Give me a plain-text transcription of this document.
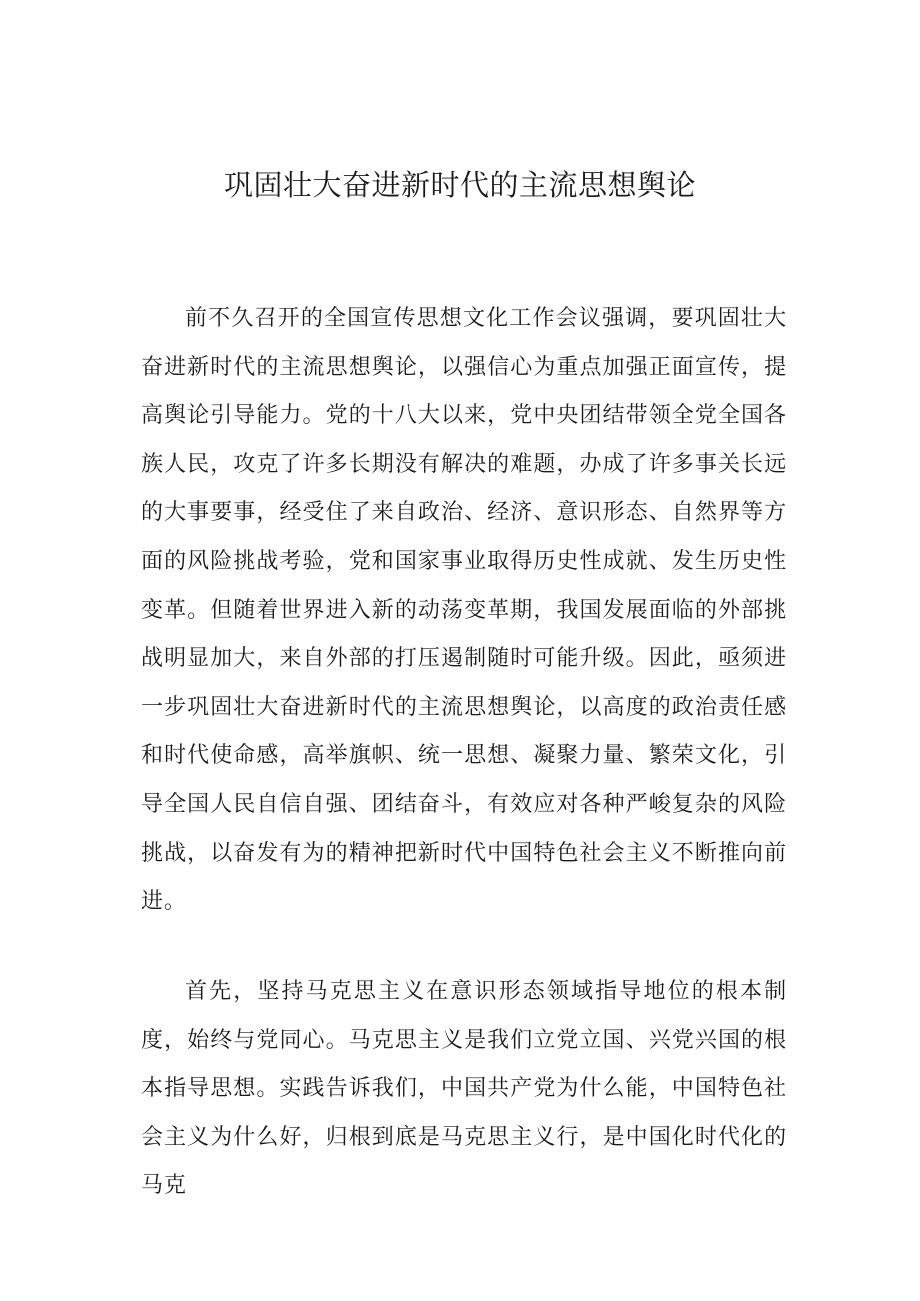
巩固壮大奋进新时代的主流思想舆论

前不久召开的全国宣传思想文化工作会议强调，要巩固壮大奋进新时代的主流思想舆论，以强信心为重点加强正面宣传，提高舆论引导能力。党的十八大以来，党中央团结带领全党全国各族人民，攻克了许多长期没有解决的难题，办成了许多事关长远的大事要事，经受住了来自政治、经济、意识形态、自然界等方面的风险挑战考验，党和国家事业取得历史性成就、发生历史性变革。但随着世界进入新的动荡变革期，我国发展面临的外部挑战明显加大，来自外部的打压遏制随时可能升级。因此，亟须进一步巩固壮大奋进新时代的主流思想舆论，以高度的政治责任感和时代使命感，高举旗帜、统一思想、凝聚力量、繁荣文化，引导全国人民自信自强、团结奋斗，有效应对各种严峻复杂的风险挑战，以奋发有为的精神把新时代中国特色社会主义不断推向前进。

首先，坚持马克思主义在意识形态领域指导地位的根本制度，始终与党同心。马克思主义是我们立党立国、兴党兴国的根本指导思想。实践告诉我们，中国共产党为什么能，中国特色社会主义为什么好，归根到底是马克思主义行，是中国化时代化的马克
